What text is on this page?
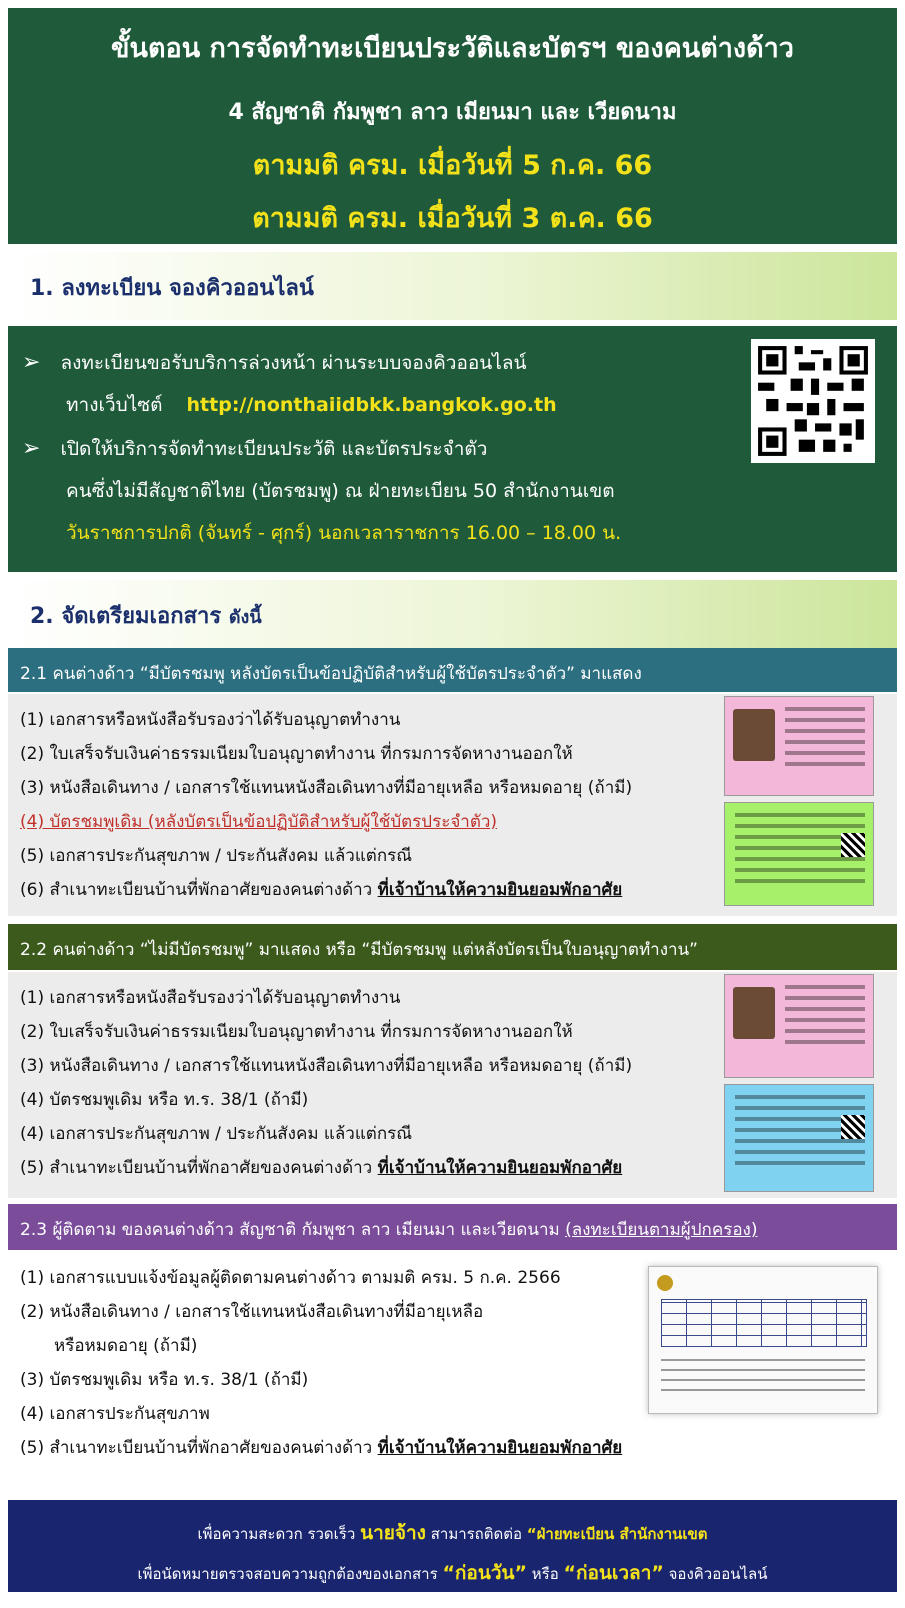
ขั้นตอน การจัดทำทะเบียนประวัติและบัตรฯ ของคนต่างด้าว
4 สัญชาติ กัมพูชา ลาว เมียนมา และ เวียดนาม
ตามมติ ครม. เมื่อวันที่ 5 ก.ค. 66
ตามมติ ครม. เมื่อวันที่ 3 ต.ค. 66
1. ลงทะเบียน จองคิวออนไลน์
➢ ลงทะเบียนขอรับบริการล่วงหน้า ผ่านระบบจองคิวออนไลน์
ทางเว็บไซต์ http://nonthaiidbkk.bangkok.go.th
➢ เปิดให้บริการจัดทำทะเบียนประวัติ และบัตรประจำตัว
คนซึ่งไม่มีสัญชาติไทย (บัตรชมพู) ณ ฝ่ายทะเบียน 50 สำนักงานเขต
วันราชการปกติ (จันทร์ - ศุกร์) นอกเวลาราชการ 16.00 – 18.00 น.
2. จัดเตรียมเอกสาร ดังนี้
2.1 คนต่างด้าว “มีบัตรชมพู หลังบัตรเป็นข้อปฏิบัติสำหรับผู้ใช้บัตรประจำตัว” มาแสดง
(1) เอกสารหรือหนังสือรับรองว่าได้รับอนุญาตทำงาน
(2) ใบเสร็จรับเงินค่าธรรมเนียมใบอนุญาตทำงาน ที่กรมการจัดหางานออกให้
(3) หนังสือเดินทาง / เอกสารใช้แทนหนังสือเดินทางที่มีอายุเหลือ หรือหมดอายุ (ถ้ามี)
(4) บัตรชมพูเดิม (หลังบัตรเป็นข้อปฏิบัติสำหรับผู้ใช้บัตรประจำตัว)
(5) เอกสารประกันสุขภาพ / ประกันสังคม แล้วแต่กรณี
(6) สำเนาทะเบียนบ้านที่พักอาศัยของคนต่างด้าว ที่เจ้าบ้านให้ความยินยอมพักอาศัย
2.2 คนต่างด้าว “ไม่มีบัตรชมพู” มาแสดง หรือ “มีบัตรชมพู แต่หลังบัตรเป็นใบอนุญาตทำงาน”
(1) เอกสารหรือหนังสือรับรองว่าได้รับอนุญาตทำงาน
(2) ใบเสร็จรับเงินค่าธรรมเนียมใบอนุญาตทำงาน ที่กรมการจัดหางานออกให้
(3) หนังสือเดินทาง / เอกสารใช้แทนหนังสือเดินทางที่มีอายุเหลือ หรือหมดอายุ (ถ้ามี)
(4) บัตรชมพูเดิม หรือ ท.ร. 38/1 (ถ้ามี)
(4) เอกสารประกันสุขภาพ / ประกันสังคม แล้วแต่กรณี
(5) สำเนาทะเบียนบ้านที่พักอาศัยของคนต่างด้าว ที่เจ้าบ้านให้ความยินยอมพักอาศัย
2.3 ผู้ติดตาม ของคนต่างด้าว สัญชาติ กัมพูชา ลาว เมียนมา และเวียดนาม (ลงทะเบียนตามผู้ปกครอง)
(1) เอกสารแบบแจ้งข้อมูลผู้ติดตามคนต่างด้าว ตามมติ ครม. 5 ก.ค. 2566
(2) หนังสือเดินทาง / เอกสารใช้แทนหนังสือเดินทางที่มีอายุเหลือ
หรือหมดอายุ (ถ้ามี)
(3) บัตรชมพูเดิม หรือ ท.ร. 38/1 (ถ้ามี)
(4) เอกสารประกันสุขภาพ
(5) สำเนาทะเบียนบ้านที่พักอาศัยของคนต่างด้าว ที่เจ้าบ้านให้ความยินยอมพักอาศัย
เพื่อความสะดวก รวดเร็ว นายจ้าง สามารถติดต่อ “ฝ่ายทะเบียน สำนักงานเขต
เพื่อนัดหมายตรวจสอบความถูกต้องของเอกสาร “ก่อนวัน” หรือ “ก่อนเวลา” จองคิวออนไลน์
